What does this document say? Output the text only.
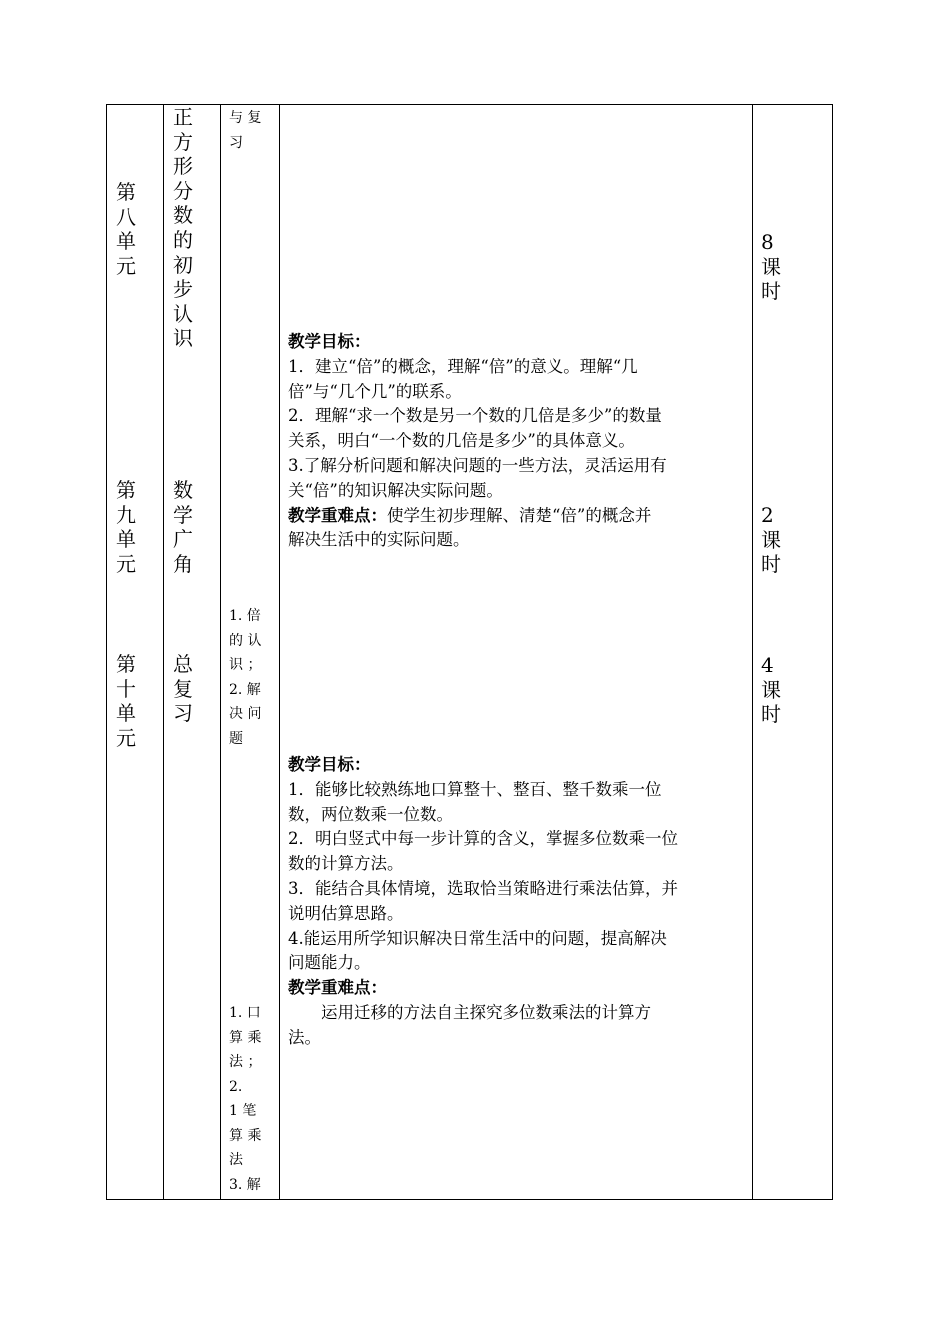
第八单元
第九单元
第十单元
正方形分数的初步认识
数学广角
总复习
与 复
习
1. 倍
的 认
识 ；
2. 解
决 问
题
1. 口
算 乘
法 ；
2.
1 笔
算 乘
法
3. 解

教学目标：

1．建立“倍”的概念，理解“倍”的意义。理解“几

倍”与“几个几”的联系。

2．理解“求一个数是另一个数的几倍是多少”的数量

关系，明白“一个数的几倍是多少”的具体意义。

3.了解分析问题和解决问题的一些方法，灵活运用有

关“倍”的知识解决实际问题。

教学重难点：使学生初步理解、清楚“倍”的概念并

解决生活中的实际问题。

教学目标：

1．能够比较熟练地口算整十、整百、整千数乘一位

数，两位数乘一位数。

2．明白竖式中每一步计算的含义，掌握多位数乘一位

数的计算方法。

3．能结合具体情境，选取恰当策略进行乘法估算，并

说明估算思路。

4.能运用所学知识解决日常生活中的问题，提高解决

问题能力。

教学重难点：

运用迁移的方法自主探究多位数乘法的计算方

法。

8
课
时
2
课
时
4
课
时
